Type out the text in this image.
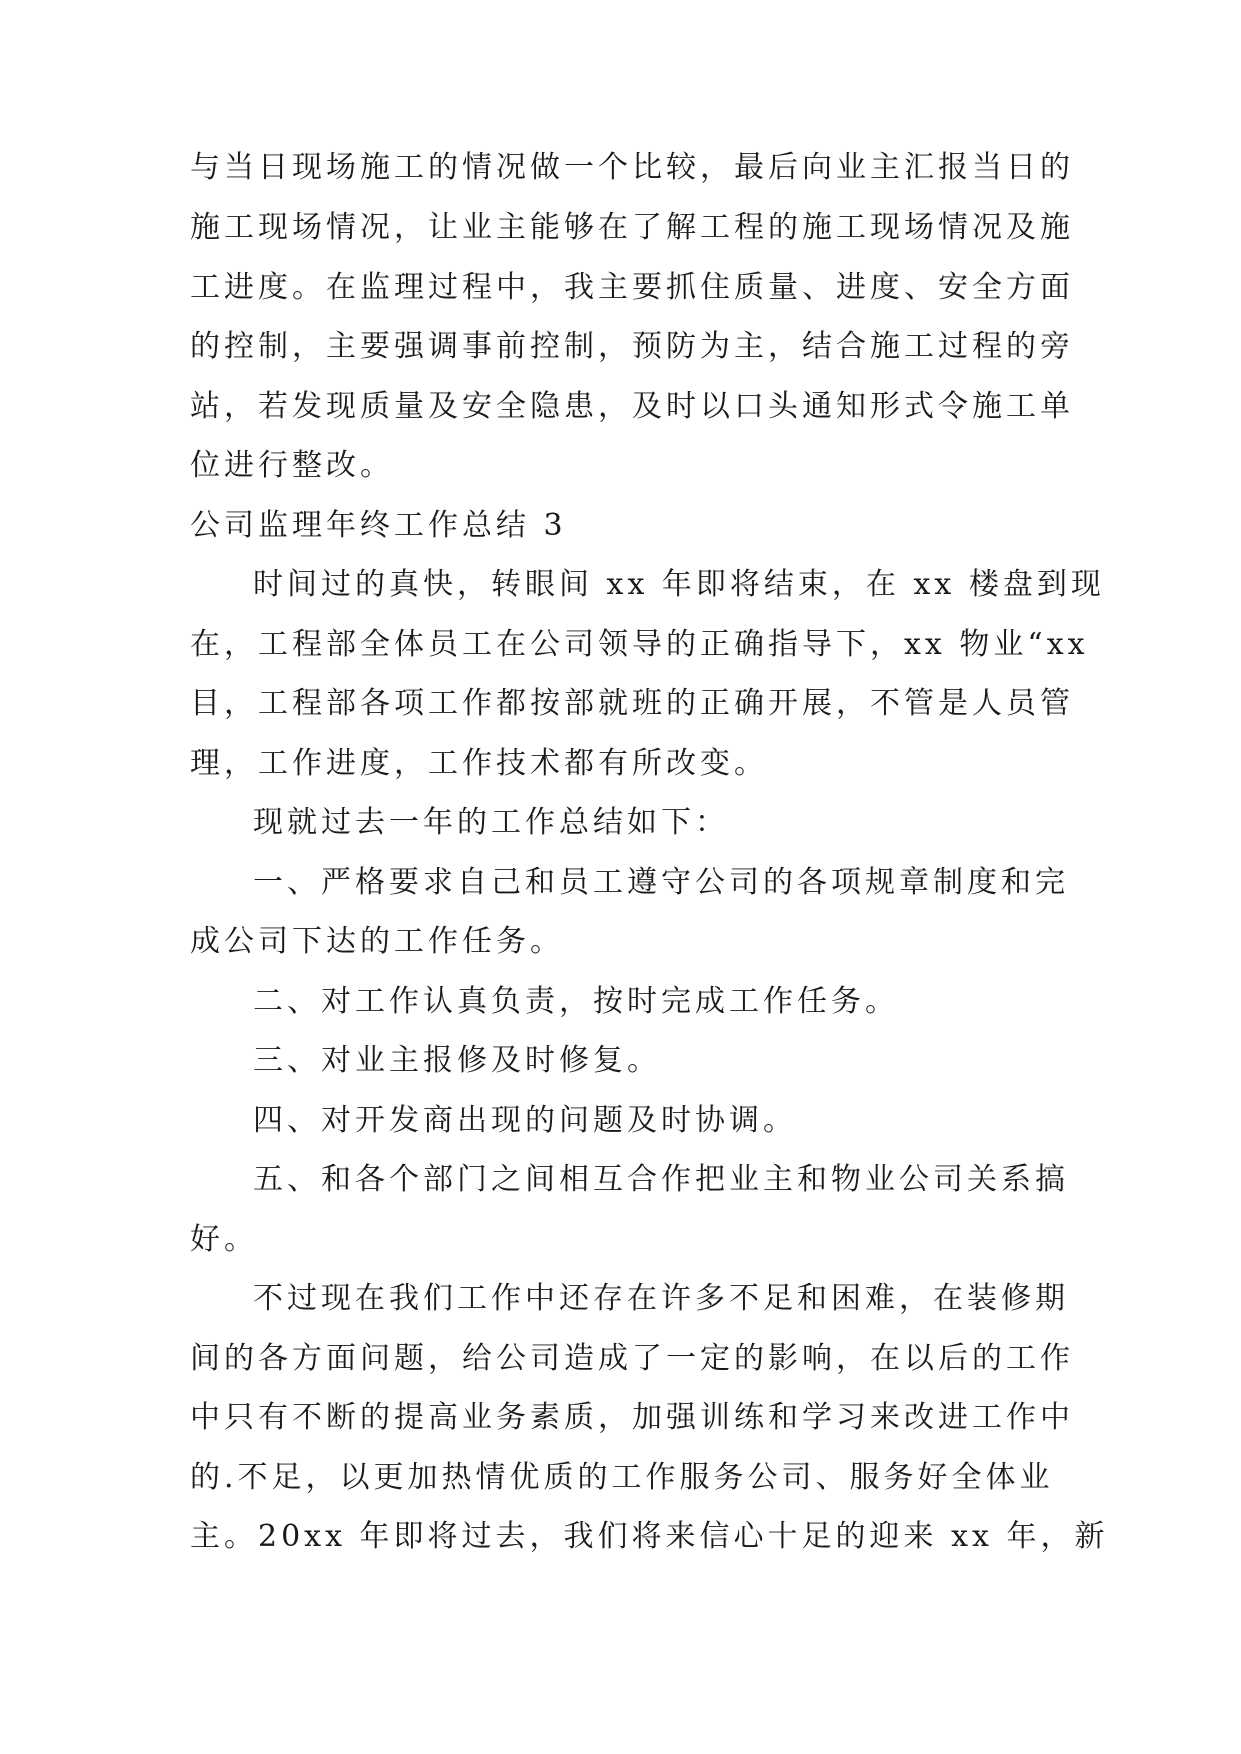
与当日现场施工的情况做一个比较，最后向业主汇报当日的
施工现场情况，让业主能够在了解工程的施工现场情况及施
工进度。在监理过程中，我主要抓住质量、进度、安全方面
的控制，主要强调事前控制，预防为主，结合施工过程的旁
站，若发现质量及安全隐患，及时以口头通知形式令施工单
位进行整改。
公司监理年终工作总结 3
时间过的真快，转眼间 xx 年即将结束，在 xx 楼盘到现
在，工程部全体员工在公司领导的正确指导下，xx 物业“xx
目，工程部各项工作都按部就班的正确开展，不管是人员管
理，工作进度，工作技术都有所改变。
现就过去一年的工作总结如下：
一、严格要求自己和员工遵守公司的各项规章制度和完
成公司下达的工作任务。
二、对工作认真负责，按时完成工作任务。
三、对业主报修及时修复。
四、对开发商出现的问题及时协调。
五、和各个部门之间相互合作把业主和物业公司关系搞
好。
不过现在我们工作中还存在许多不足和困难，在装修期
间的各方面问题，给公司造成了一定的影响，在以后的工作
中只有不断的提高业务素质，加强训练和学习来改进工作中
的.不足，以更加热情优质的工作服务公司、服务好全体业
主。20xx 年即将过去，我们将来信心十足的迎来 xx 年，新
